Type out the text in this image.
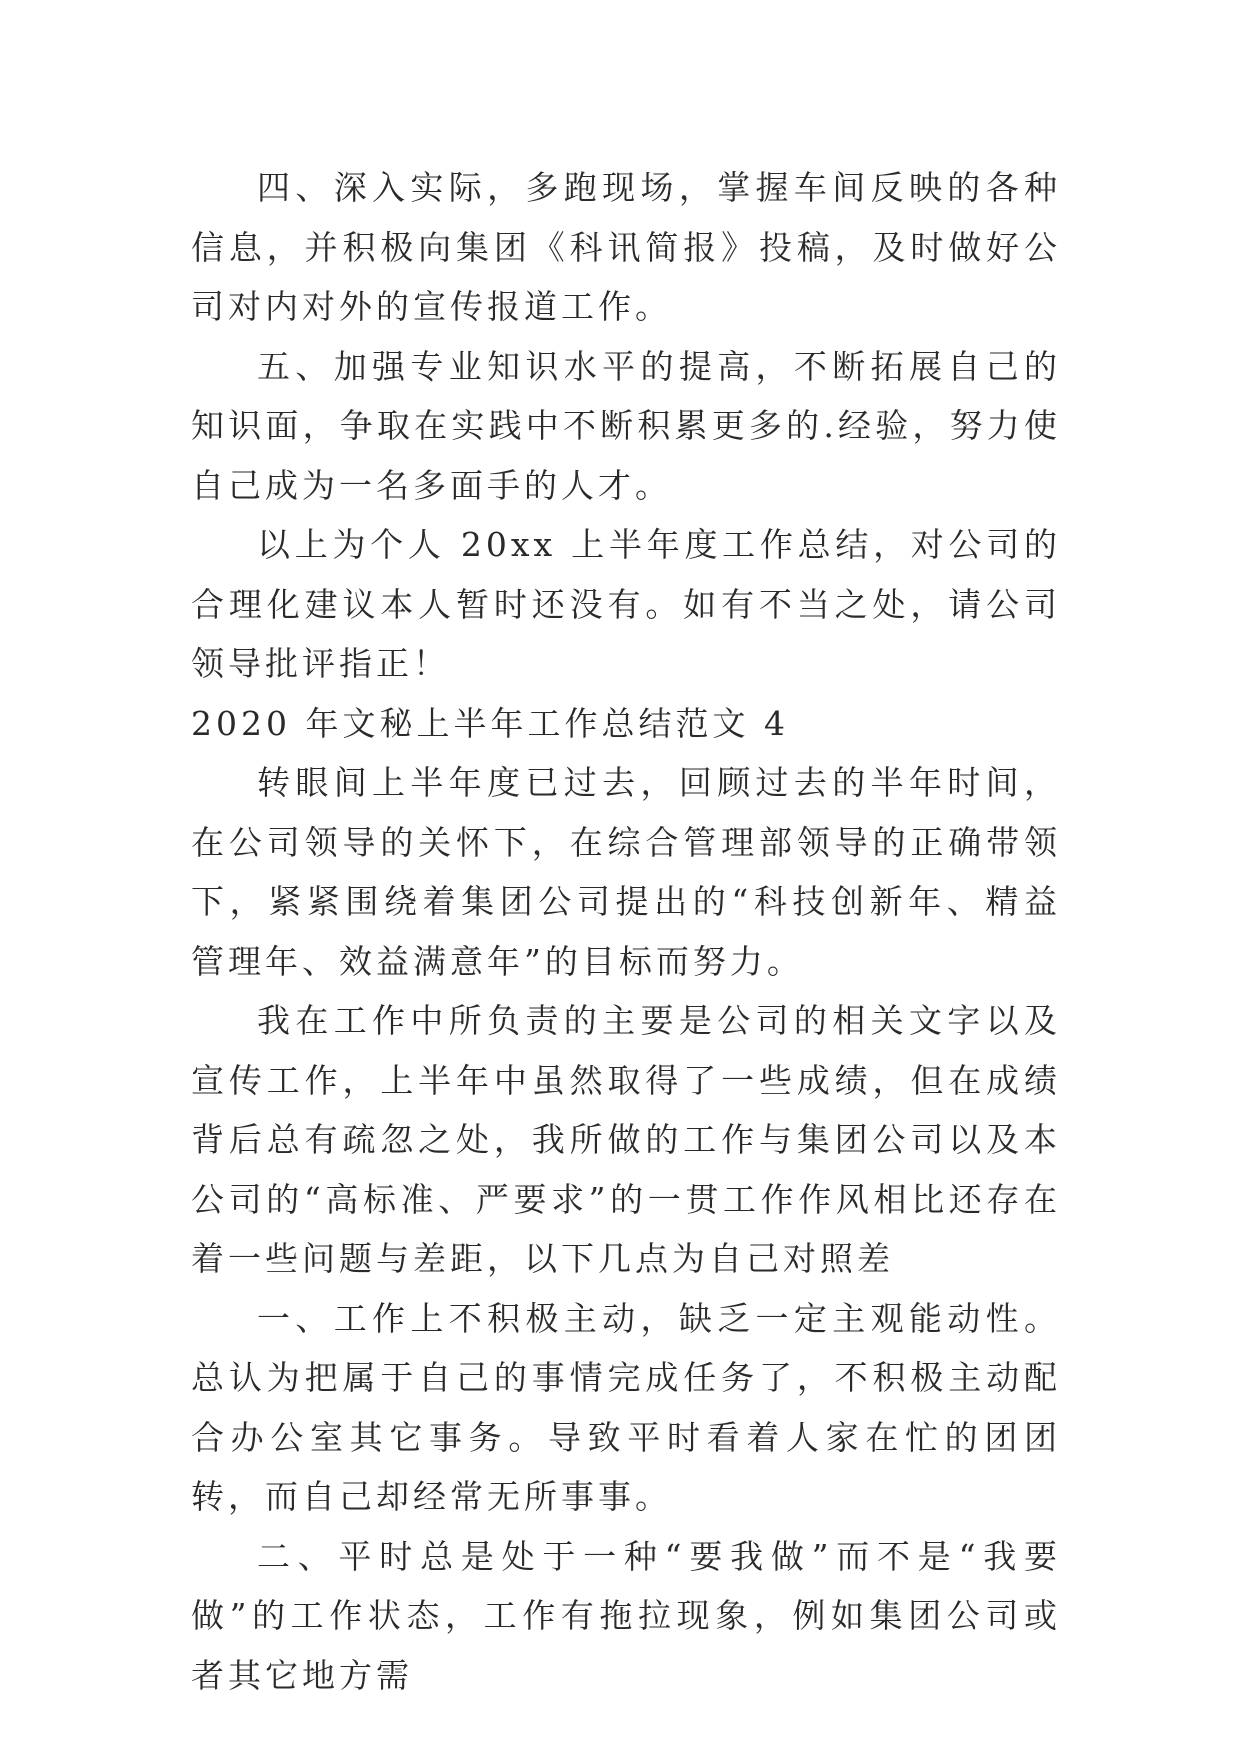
四、深入实际，多跑现场，掌握车间反映的各种信息，并积极向集团《科讯简报》投稿，及时做好公司对内对外的宣传报道工作。

五、加强专业知识水平的提高，不断拓展自己的知识面，争取在实践中不断积累更多的.经验，努力使自己成为一名多面手的人才。

以上为个人 20xx 上半年度工作总结，对公司的合理化建议本人暂时还没有。如有不当之处，请公司领导批评指正！

2020 年文秘上半年工作总结范文 4

转眼间上半年度已过去，回顾过去的半年时间，在公司领导的关怀下，在综合管理部领导的正确带领下，紧紧围绕着集团公司提出的“科技创新年、精益管理年、效益满意年”的目标而努力。

我在工作中所负责的主要是公司的相关文字以及宣传工作，上半年中虽然取得了一些成绩，但在成绩背后总有疏忽之处，我所做的工作与集团公司以及本公司的“高标准、严要求”的一贯工作作风相比还存在着一些问题与差距，以下几点为自己对照差

一、工作上不积极主动，缺乏一定主观能动性。总认为把属于自己的事情完成任务了，不积极主动配合办公室其它事务。导致平时看着人家在忙的团团转，而自己却经常无所事事。

二、平时总是处于一种“要我做”而不是“我要做”的工作状态，工作有拖拉现象，例如集团公司或者其它地方需
